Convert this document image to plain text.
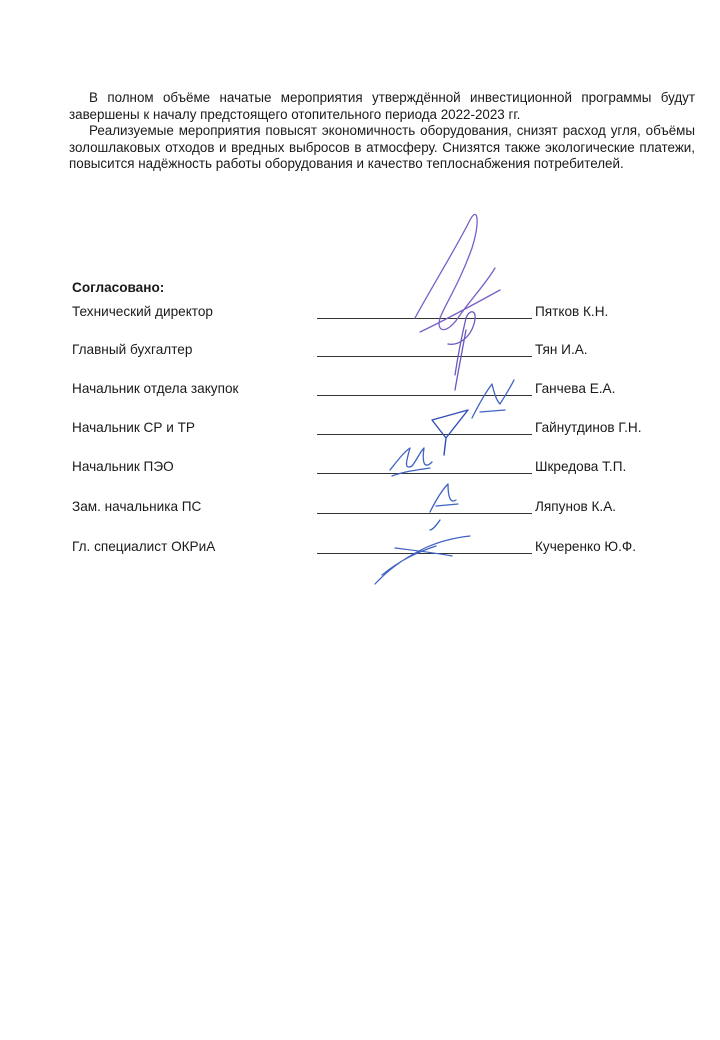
В полном объёме начатые мероприятия утверждённой инвестиционной программы будут завершены к началу предстоящего отопительного периода 2022-2023 гг.

Реализуемые мероприятия повысят экономичность оборудования, снизят расход угля, объёмы золошлаковых отходов и вредных выбросов в атмосферу. Снизятся также экологические платежи, повысится надёжность работы оборудования и качество теплоснабжения потребителей.

Согласовано:
Технический директор	Пятков К.Н.
Главный бухгалтер	Тян И.А.
Начальник отдела закупок	Ганчева Е.А.
Начальник СР и ТР	Гайнутдинов Г.Н.
Начальник ПЭО	Шкредова Т.П.
Зам. начальника ПС	Ляпунов К.А.
Гл. специалист ОКРиА	Кучеренко Ю.Ф.
